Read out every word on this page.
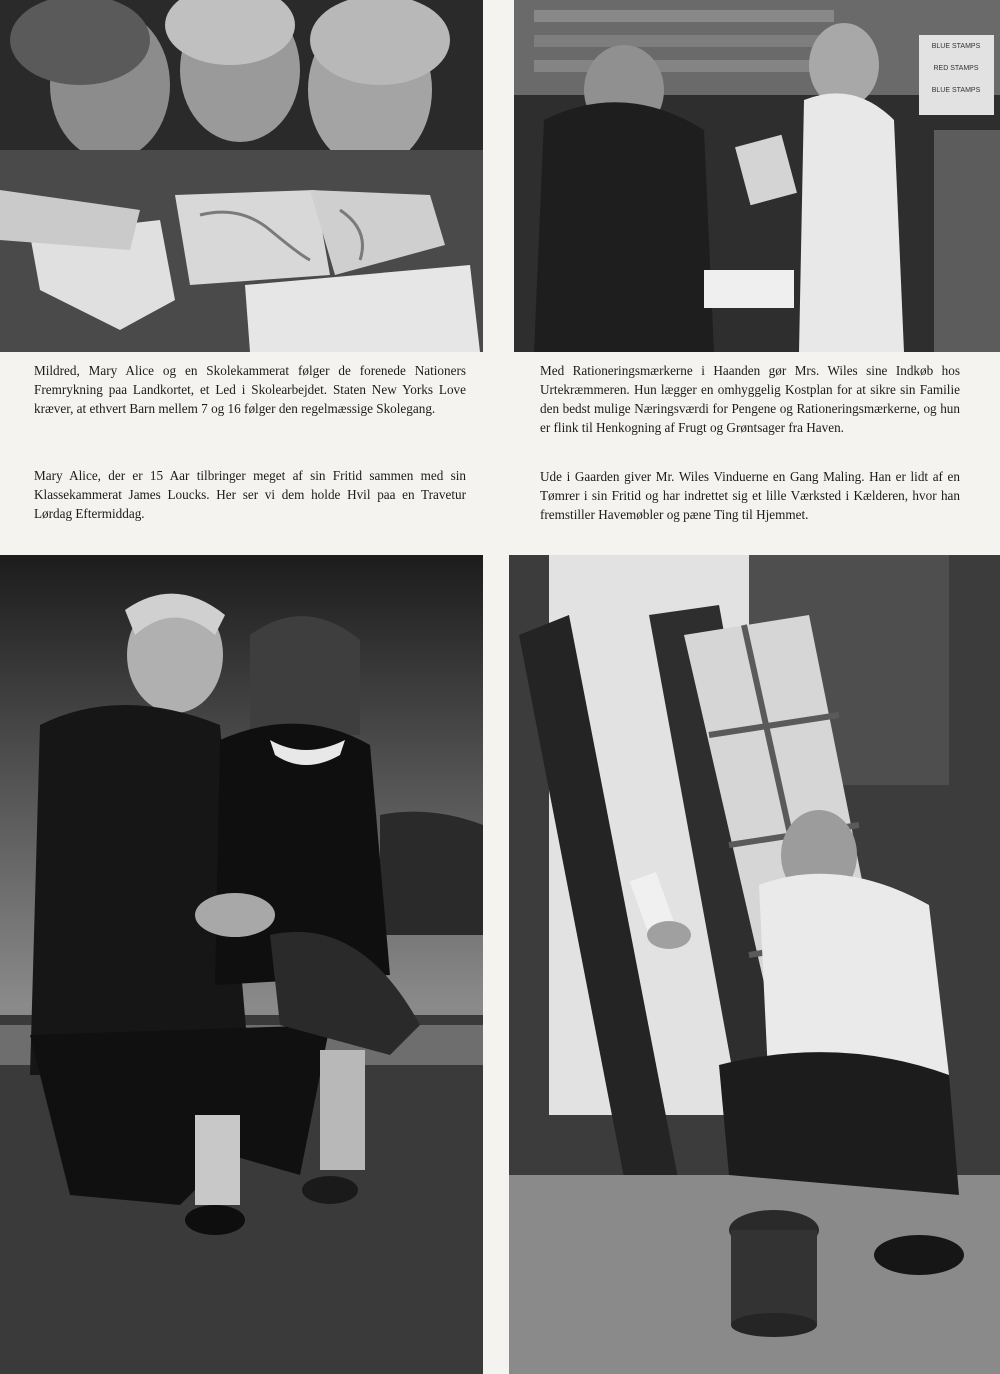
BLUE STAMPS
RED STAMPS
BLUE STAMPS

Mildred, Mary Alice og en Skolekammerat følger de forenede Nationers Fremrykning paa Landkortet, et Led i Skolearbejdet. Staten New Yorks Love kræver, at ethvert Barn mellem 7 og 16 følger den regelmæssige Skolegang.

Mary Alice, der er 15 Aar tilbringer meget af sin Fritid sammen med sin Klassekammerat James Loucks. Her ser vi dem holde Hvil paa en Travetur Lørdag Eftermiddag.

Med Rationeringsmærkerne i Haanden gør Mrs. Wiles sine Indkøb hos Urtekræmmeren. Hun lægger en omhyggelig Kostplan for at sikre sin Familie den bedst mulige Næringsværdi for Pengene og Rationeringsmærkerne, og hun er flink til Henkogning af Frugt og Grøntsager fra Haven.

Ude i Gaarden giver Mr. Wiles Vinduerne en Gang Maling. Han er lidt af en Tømrer i sin Fritid og har indrettet sig et lille Værksted i Kælderen, hvor han fremstiller Havemøbler og pæne Ting til Hjemmet.
